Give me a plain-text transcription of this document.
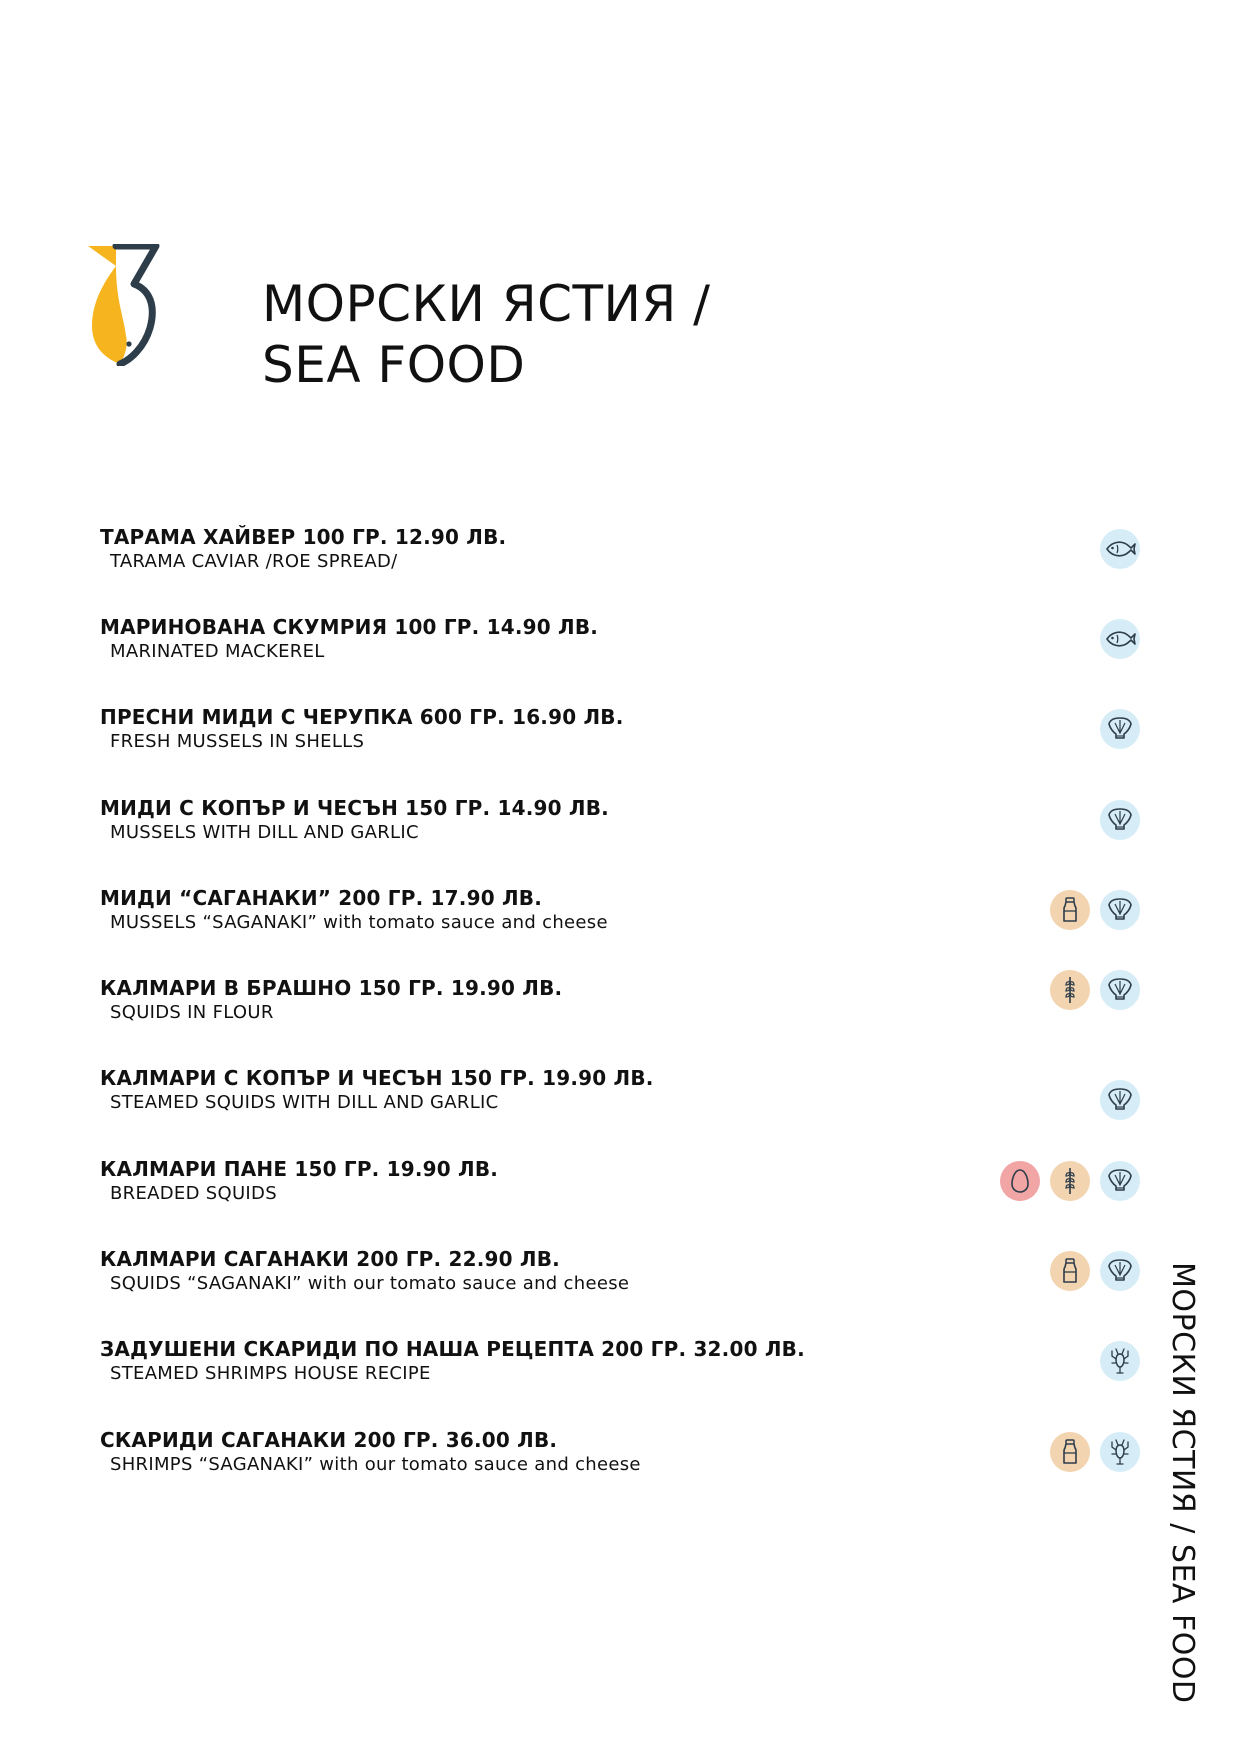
МОРСКИ ЯСТИЯ /
SEA FOOD
ТАРАМА ХАЙВЕР 100 ГР. 12.90 ЛВ.
TARAMA CAVIAR /ROE SPREAD/
МАРИНОВАНА СКУМРИЯ 100 ГР. 14.90 ЛВ.
MARINATED MACKEREL
ПРЕСНИ МИДИ С ЧЕРУПКА 600 ГР. 16.90 ЛВ.
FRESH MUSSELS IN SHELLS
МИДИ С КОПЪР И ЧЕСЪН 150 ГР. 14.90 ЛВ.
MUSSELS WITH DILL AND GARLIC
МИДИ “САГАНАКИ” 200 ГР. 17.90 ЛВ.
MUSSELS “SAGANAKI” with tomato sauce and cheese
КАЛМАРИ В БРАШНО 150 ГР. 19.90 ЛВ.
SQUIDS IN FLOUR
КАЛМАРИ С КОПЪР И ЧЕСЪН 150 ГР. 19.90 ЛВ.
STEAMED SQUIDS WITH DILL AND GARLIC
КАЛМАРИ ПАНЕ 150 ГР. 19.90 ЛВ.
BREADED SQUIDS
КАЛМАРИ САГАНАКИ 200 ГР. 22.90 ЛВ.
SQUIDS “SAGANAKI” with our tomato sauce and cheese
ЗАДУШЕНИ СКАРИДИ ПО НАША РЕЦЕПТА 200 ГР. 32.00 ЛВ.
STEAMED SHRIMPS HOUSE RECIPE
СКАРИДИ САГАНАКИ 200 ГР. 36.00 ЛВ.
SHRIMPS “SAGANAKI” with our tomato sauce and cheese	МОРСКИ ЯСТИЯ / SEA FOOD
